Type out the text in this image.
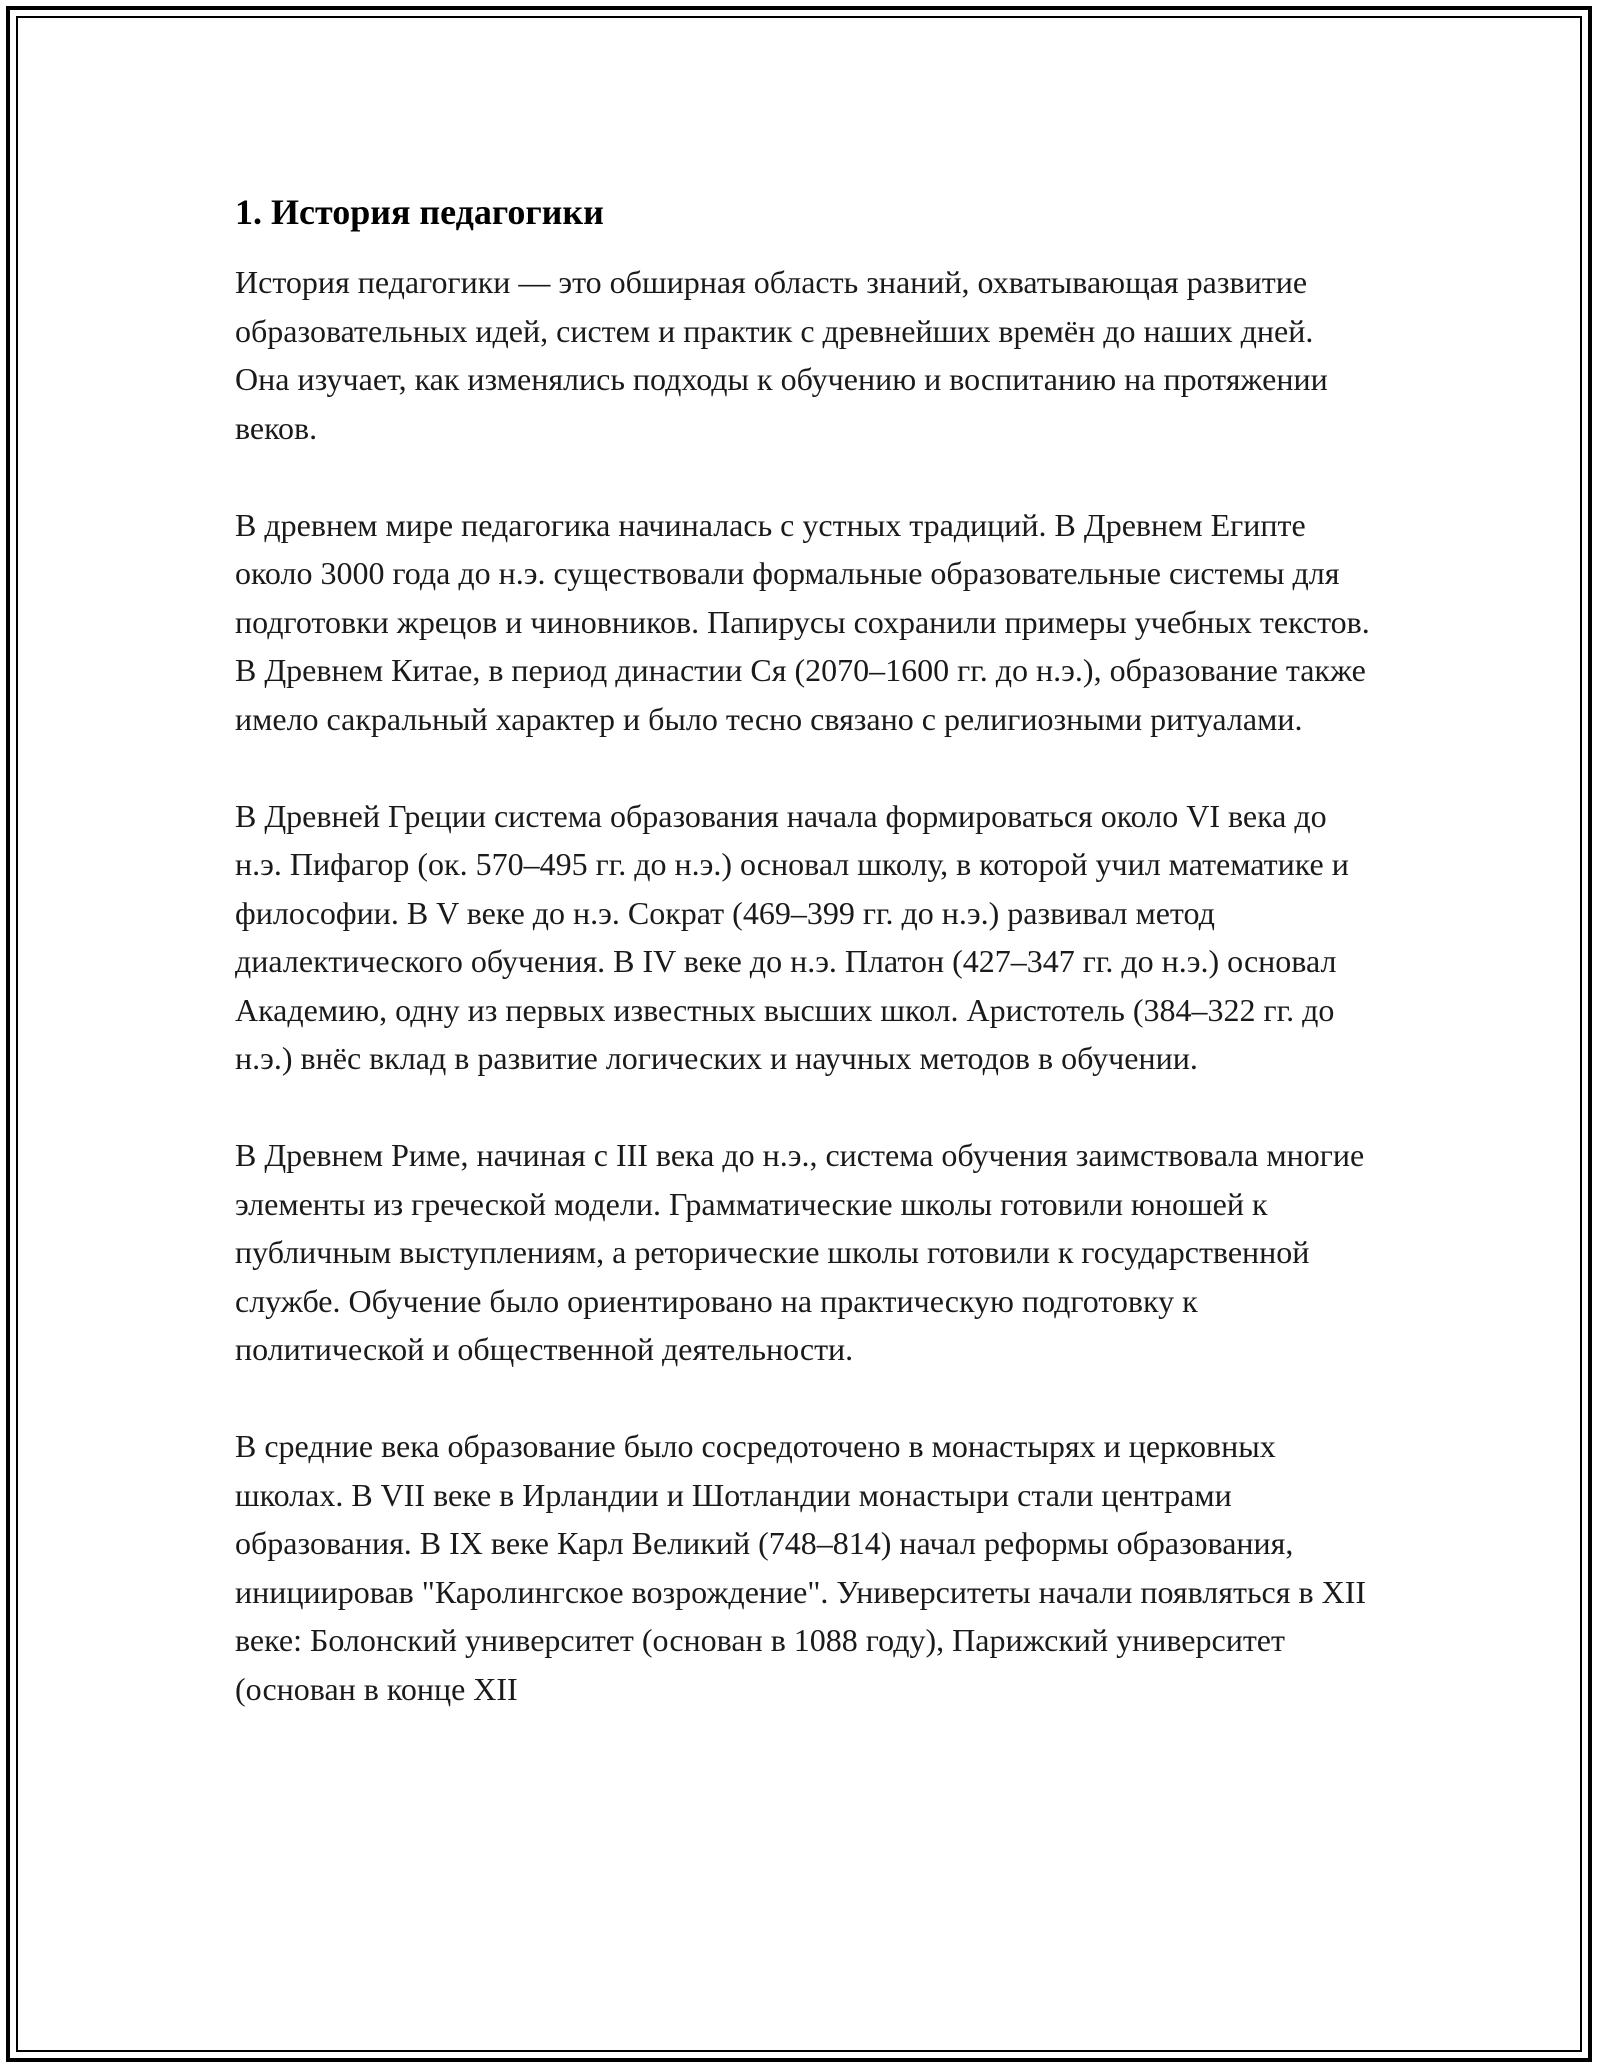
1. История педагогики

История педагогики — это обширная область знаний, охватывающая развитие образовательных идей, систем и практик с древнейших времён до наших дней. Она изучает, как изменялись подходы к обучению и воспитанию на протяжении веков.

В древнем мире педагогика начиналась с устных традиций. В Древнем Египте около 3000 года до н.э. существовали формальные образовательные системы для подготовки жрецов и чиновников. Папирусы сохранили примеры учебных текстов. В Древнем Китае, в период династии Ся (2070–1600 гг. до н.э.), образование также имело сакральный характер и было тесно связано с религиозными ритуалами.

В Древней Греции система образования начала формироваться около VI века до н.э. Пифагор (ок. 570–495 гг. до н.э.) основал школу, в которой учил математике и философии. В V веке до н.э. Сократ (469–399 гг. до н.э.) развивал метод диалектического обучения. В IV веке до н.э. Платон (427–347 гг. до н.э.) основал Академию, одну из первых известных высших школ. Аристотель (384–322 гг. до н.э.) внёс вклад в развитие логических и научных методов в обучении.

В Древнем Риме, начиная с III века до н.э., система обучения заимствовала многие элементы из греческой модели. Грамматические школы готовили юношей к публичным выступлениям, а реторические школы готовили к государственной службе. Обучение было ориентировано на практическую подготовку к политической и общественной деятельности.

В средние века образование было сосредоточено в монастырях и церковных школах. В VII веке в Ирландии и Шотландии монастыри стали центрами образования. В IX веке Карл Великий (748–814) начал реформы образования, инициировав "Каролингское возрождение". Университеты начали появляться в XII веке: Болонский университет (основан в 1088 году), Парижский университет (основан в конце XII
